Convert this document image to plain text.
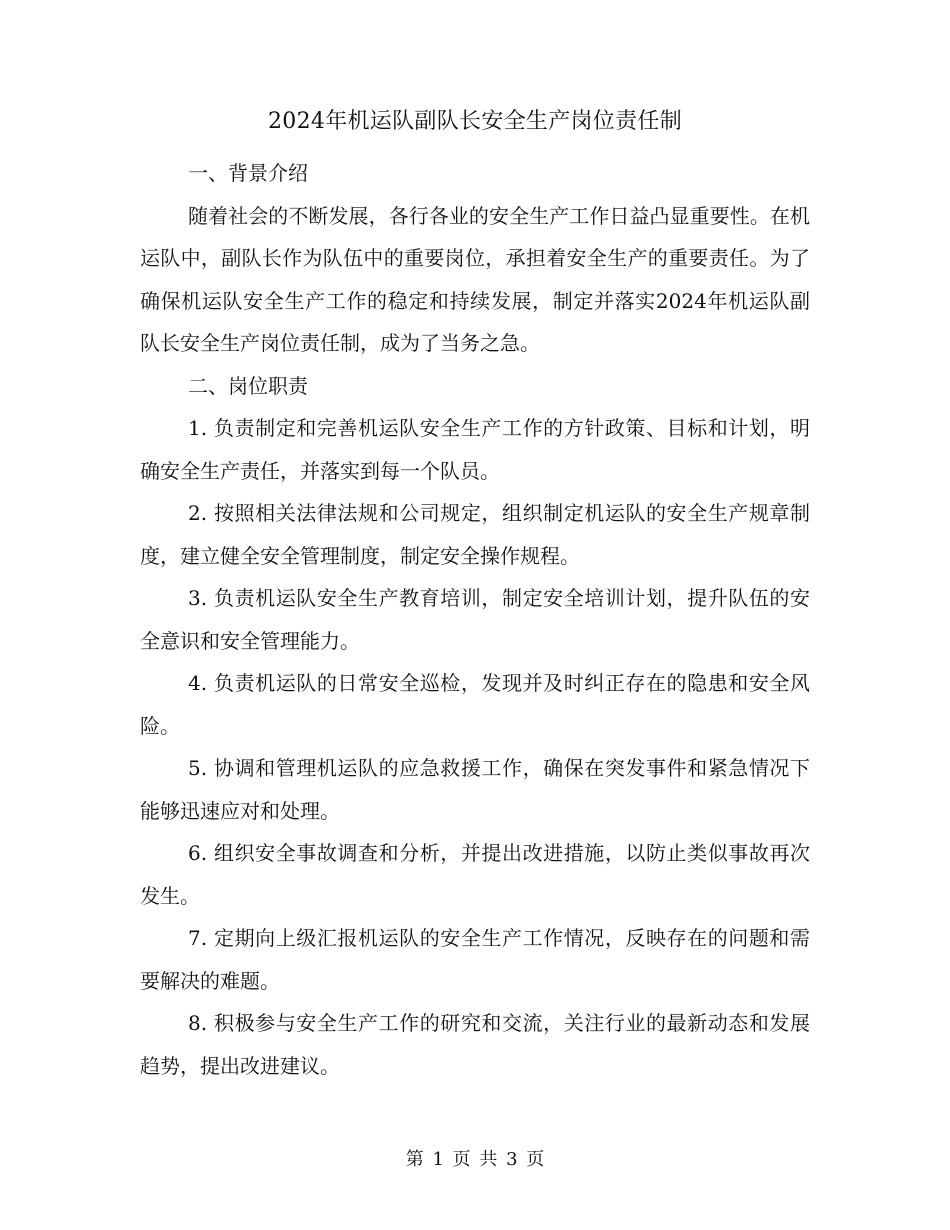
2024年机运队副队长安全生产岗位责任制

一、背景介绍

随着社会的不断发展，各行各业的安全生产工作日益凸显重要性。在机运队中，副队长作为队伍中的重要岗位，承担着安全生产的重要责任。为了确保机运队安全生产工作的稳定和持续发展，制定并落实2024年机运队副队长安全生产岗位责任制，成为了当务之急。

二、岗位职责

1. 负责制定和完善机运队安全生产工作的方针政策、目标和计划，明确安全生产责任，并落实到每一个队员。

2. 按照相关法律法规和公司规定，组织制定机运队的安全生产规章制度，建立健全安全管理制度，制定安全操作规程。

3. 负责机运队安全生产教育培训，制定安全培训计划，提升队伍的安全意识和安全管理能力。

4. 负责机运队的日常安全巡检，发现并及时纠正存在的隐患和安全风险。

5. 协调和管理机运队的应急救援工作，确保在突发事件和紧急情况下能够迅速应对和处理。

6. 组织安全事故调查和分析，并提出改进措施，以防止类似事故再次发生。

7. 定期向上级汇报机运队的安全生产工作情况，反映存在的问题和需要解决的难题。

8. 积极参与安全生产工作的研究和交流，关注行业的最新动态和发展趋势，提出改进建议。

第 1 页 共 3 页
